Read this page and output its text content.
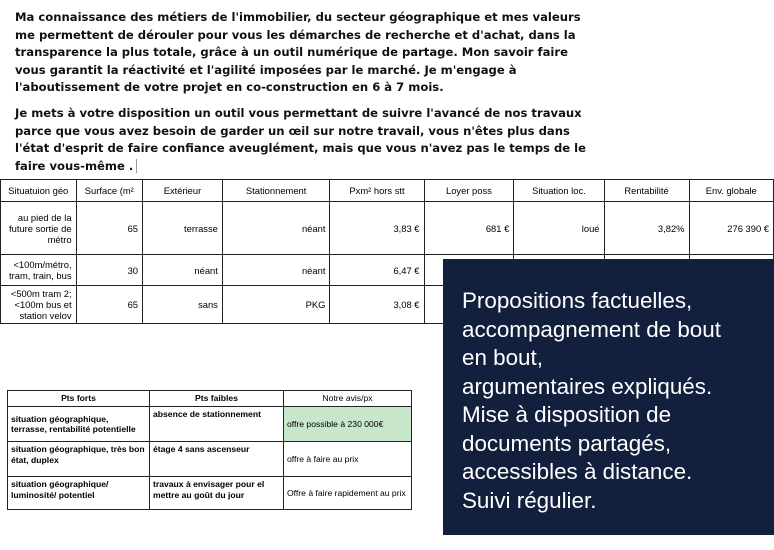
Ma connaissance des métiers de l'immobilier, du secteur géographique et mes valeurs me permettent de dérouler pour vous les démarches de recherche et d'achat, dans la transparence la plus totale, grâce à un outil numérique de partage. Mon savoir faire vous garantit la réactivité et l'agilité imposées par le marché. Je m'engage à l'aboutissement de votre projet en co-construction en 6 à 7 mois.

Je mets à votre disposition un outil vous permettant de suivre l'avancé de nos travaux parce que vous avez besoin de garder un œil sur notre travail, vous n'êtes plus dans l'état d'esprit de faire confiance aveuglément, mais que vous n'avez pas le temps de le faire vous-même .

Situatuion géo	Surface (m²	Extérieur	Stationnement	Pxm² hors stt	Loyer poss	Situation loc.	Rentabilité	Env. globale
au pied de la future sortie de métro	65	terrasse	néant	3,83 €	681 €	loué	3,82%	276 390 €
<100m/métro, tram, train, bus	30	néant	néant	6,47 €				
<500m tram 2; <100m bus et station velov	65	sans	PKG	3,08 €				
Pts forts	Pts faibles	Notre avis/px
situation géographique, terrasse, rentabilité potentielle	absence de stationnement	offre possible à 230 000€
situation géographique, très bon état, duplex	étage 4 sans ascenseur	offre à faire au prix
situation géographique/ luminosité/ potentiel	travaux à envisager pour el mettre au goût du jour	Offre à faire rapidement au prix
Propositions factuelles,
accompagnement de bout
en bout,
argumentaires expliqués.
Mise à disposition de
documents partagés,
accessibles à distance.
Suivi régulier.
